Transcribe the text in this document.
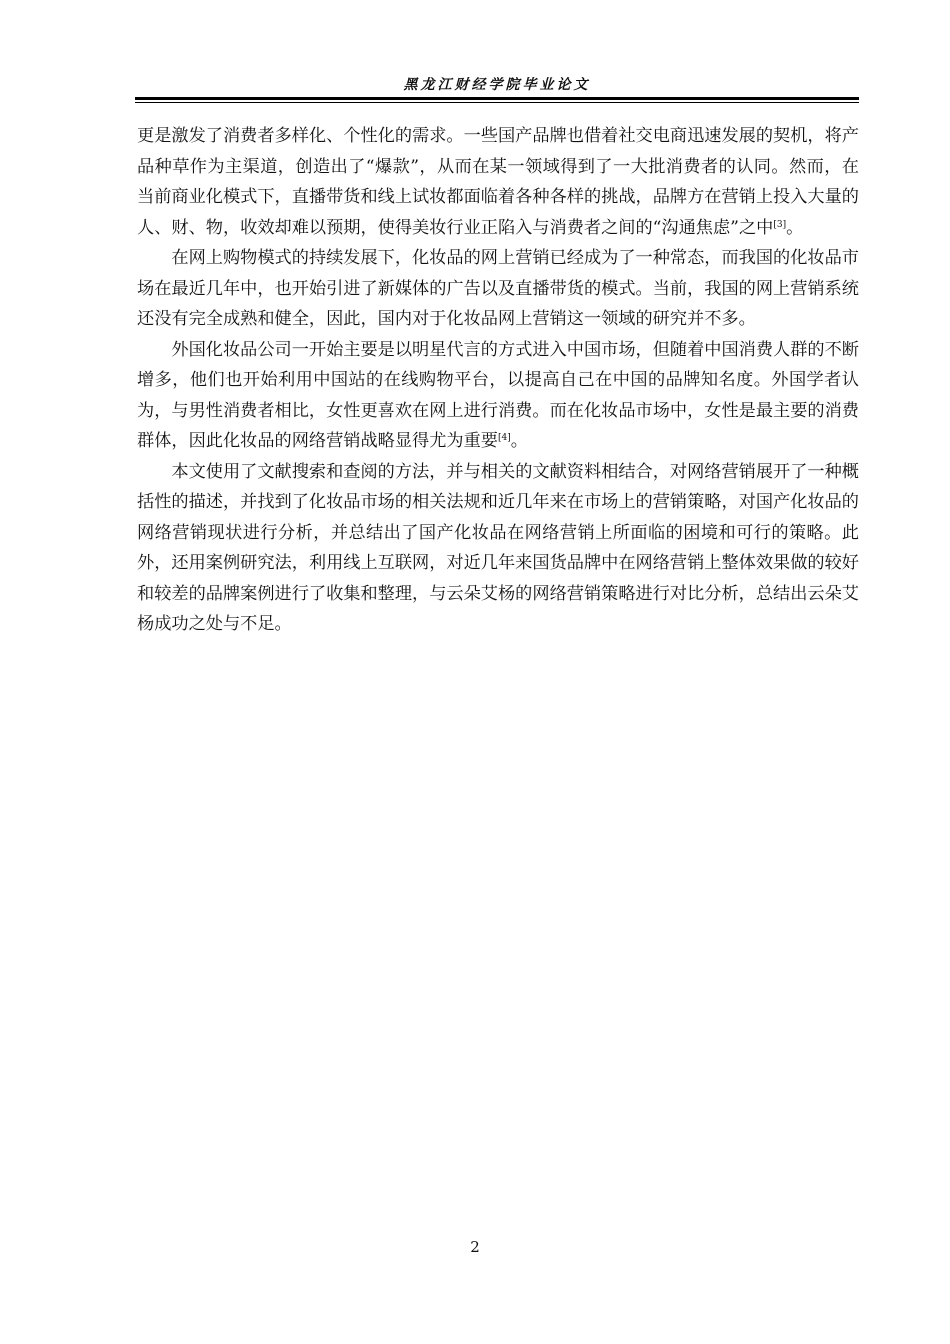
黑龙江财经学院毕业论文

更是激发了消费者多样化、个性化的需求。一些国产品牌也借着社交电商迅速发展的契机，将产品种草作为主渠道，创造出了“爆款”，从而在某一领域得到了一大批消费者的认同。然而，在当前商业化模式下，直播带货和线上试妆都面临着各种各样的挑战，品牌方在营销上投入大量的人、财、物，收效却难以预期，使得美妆行业正陷入与消费者之间的“沟通焦虑”之中[3]。

在网上购物模式的持续发展下，化妆品的网上营销已经成为了一种常态，而我国的化妆品市场在最近几年中，也开始引进了新媒体的广告以及直播带货的模式。当前，我国的网上营销系统还没有完全成熟和健全，因此，国内对于化妆品网上营销这一领域的研究并不多。

外国化妆品公司一开始主要是以明星代言的方式进入中国市场，但随着中国消费人群的不断增多，他们也开始利用中国站的在线购物平台，以提高自己在中国的品牌知名度。外国学者认为，与男性消费者相比，女性更喜欢在网上进行消费。而在化妆品市场中，女性是最主要的消费群体，因此化妆品的网络营销战略显得尤为重要[4]。

本文使用了文献搜索和查阅的方法，并与相关的文献资料相结合，对网络营销展开了一种概括性的描述，并找到了化妆品市场的相关法规和近几年来在市场上的营销策略，对国产化妆品的网络营销现状进行分析，并总结出了国产化妆品在网络营销上所面临的困境和可行的策略。此外，还用案例研究法，利用线上互联网，对近几年来国货品牌中在网络营销上整体效果做的较好和较差的品牌案例进行了收集和整理，与云朵艾杨的网络营销策略进行对比分析，总结出云朵艾杨成功之处与不足。

2
